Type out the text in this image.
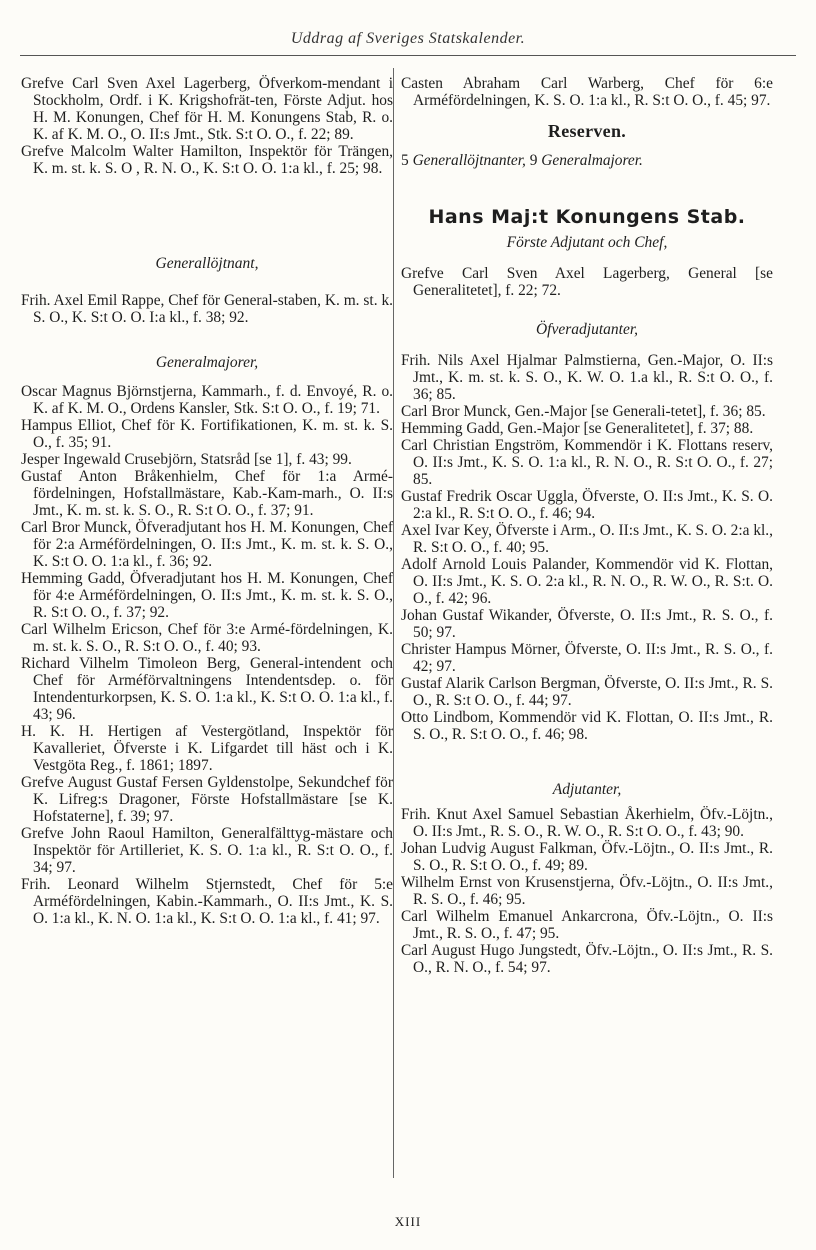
Uddrag af Sveriges Statskalender.

Grefve Carl Sven Axel Lagerberg, Öfverkom-mendant i Stockholm, Ordf. i K. Krigshofrät-ten, Förste Adjut. hos H. M. Konungen, Chef för H. M. Konungens Stab, R. o. K. af K. M. O., O. II:s Jmt., Stk. S:t O. O., f. 22; 89.

Grefve Malcolm Walter Hamilton, Inspektör för Trängen, K. m. st. k. S. O , R. N. O., K. S:t O. O. 1:a kl., f. 25; 98.

Generallöjtnant,

Frih. Axel Emil Rappe, Chef för General-staben, K. m. st. k. S. O., K. S:t O. O. I:a kl., f. 38; 92.

Generalmajorer,

Oscar Magnus Björnstjerna, Kammarh., f. d. Envoyé, R. o. K. af K. M. O., Ordens Kansler, Stk. S:t O. O., f. 19; 71.

Hampus Elliot, Chef för K. Fortifikationen, K. m. st. k. S. O., f. 35; 91.

Jesper Ingewald Crusebjörn, Statsråd [se 1], f. 43; 99.

Gustaf Anton Bråkenhielm, Chef för 1:a Armé-fördelningen, Hofstallmästare, Kab.-Kam-marh., O. II:s Jmt., K. m. st. k. S. O., R. S:t O. O., f. 37; 91.

Carl Bror Munck, Öfveradjutant hos H. M. Konungen, Chef för 2:a Arméfördelningen, O. II:s Jmt., K. m. st. k. S. O., K. S:t O. O. 1:a kl., f. 36; 92.

Hemming Gadd, Öfveradjutant hos H. M. Konungen, Chef för 4:e Arméfördelningen, O. II:s Jmt., K. m. st. k. S. O., R. S:t O. O., f. 37; 92.

Carl Wilhelm Ericson, Chef för 3:e Armé-fördelningen, K. m. st. k. S. O., R. S:t O. O., f. 40; 93.

Richard Vilhelm Timoleon Berg, General-intendent och Chef för Arméförvaltningens Intendentsdep. o. för Intendenturkorpsen, K. S. O. 1:a kl., K. S:t O. O. 1:a kl., f. 43; 96.

H. K. H. Hertigen af Vestergötland, Inspektör för Kavalleriet, Öfverste i K. Lifgardet till häst och i K. Vestgöta Reg., f. 1861; 1897.

Grefve August Gustaf Fersen Gyldenstolpe, Sekundchef för K. Lifreg:s Dragoner, Förste Hofstallmästare [se K. Hofstaterne], f. 39; 97.

Grefve John Raoul Hamilton, Generalfälttyg-mästare och Inspektör för Artilleriet, K. S. O. 1:a kl., R. S:t O. O., f. 34; 97.

Frih. Leonard Wilhelm Stjernstedt, Chef för 5:e Arméfördelningen, Kabin.-Kammarh., O. II:s Jmt., K. S. O. 1:a kl., K. N. O. 1:a kl., K. S:t O. O. 1:a kl., f. 41; 97.

Casten Abraham Carl Warberg, Chef för 6:e Arméfördelningen, K. S. O. 1:a kl., R. S:t O. O., f. 45; 97.

Reserven.

5 Generallöjtnanter, 9 Generalmajorer.

Hans Maj:t Konungens Stab.

Förste Adjutant och Chef,

Grefve Carl Sven Axel Lagerberg, General [se Generalitetet], f. 22; 72.

Öfveradjutanter,

Frih. Nils Axel Hjalmar Palmstierna, Gen.-Major, O. II:s Jmt., K. m. st. k. S. O., K. W. O. 1.a kl., R. S:t O. O., f. 36; 85.

Carl Bror Munck, Gen.-Major [se Generali-tetet], f. 36; 85.

Hemming Gadd, Gen.-Major [se Generalitetet], f. 37; 88.

Carl Christian Engström, Kommendör i K. Flottans reserv, O. II:s Jmt., K. S. O. 1:a kl., R. N. O., R. S:t O. O., f. 27; 85.

Gustaf Fredrik Oscar Uggla, Öfverste, O. II:s Jmt., K. S. O. 2:a kl., R. S:t O. O., f. 46; 94.

Axel Ivar Key, Öfverste i Arm., O. II:s Jmt., K. S. O. 2:a kl., R. S:t O. O., f. 40; 95.

Adolf Arnold Louis Palander, Kommendör vid K. Flottan, O. II:s Jmt., K. S. O. 2:a kl., R. N. O., R. W. O., R. S:t. O. O., f. 42; 96.

Johan Gustaf Wikander, Öfverste, O. II:s Jmt., R. S. O., f. 50; 97.

Christer Hampus Mörner, Öfverste, O. II:s Jmt., R. S. O., f. 42; 97.

Gustaf Alarik Carlson Bergman, Öfverste, O. II:s Jmt., R. S. O., R. S:t O. O., f. 44; 97.

Otto Lindbom, Kommendör vid K. Flottan, O. II:s Jmt., R. S. O., R. S:t O. O., f. 46; 98.

Adjutanter,

Frih. Knut Axel Samuel Sebastian Åkerhielm, Öfv.-Löjtn., O. II:s Jmt., R. S. O., R. W. O., R. S:t O. O., f. 43; 90.

Johan Ludvig August Falkman, Öfv.-Löjtn., O. II:s Jmt., R. S. O., R. S:t O. O., f. 49; 89.

Wilhelm Ernst von Krusenstjerna, Öfv.-Löjtn., O. II:s Jmt., R. S. O., f. 46; 95.

Carl Wilhelm Emanuel Ankarcrona, Öfv.-Löjtn., O. II:s Jmt., R. S. O., f. 47; 95.

Carl August Hugo Jungstedt, Öfv.-Löjtn., O. II:s Jmt., R. S. O., R. N. O., f. 54; 97.

XIII
